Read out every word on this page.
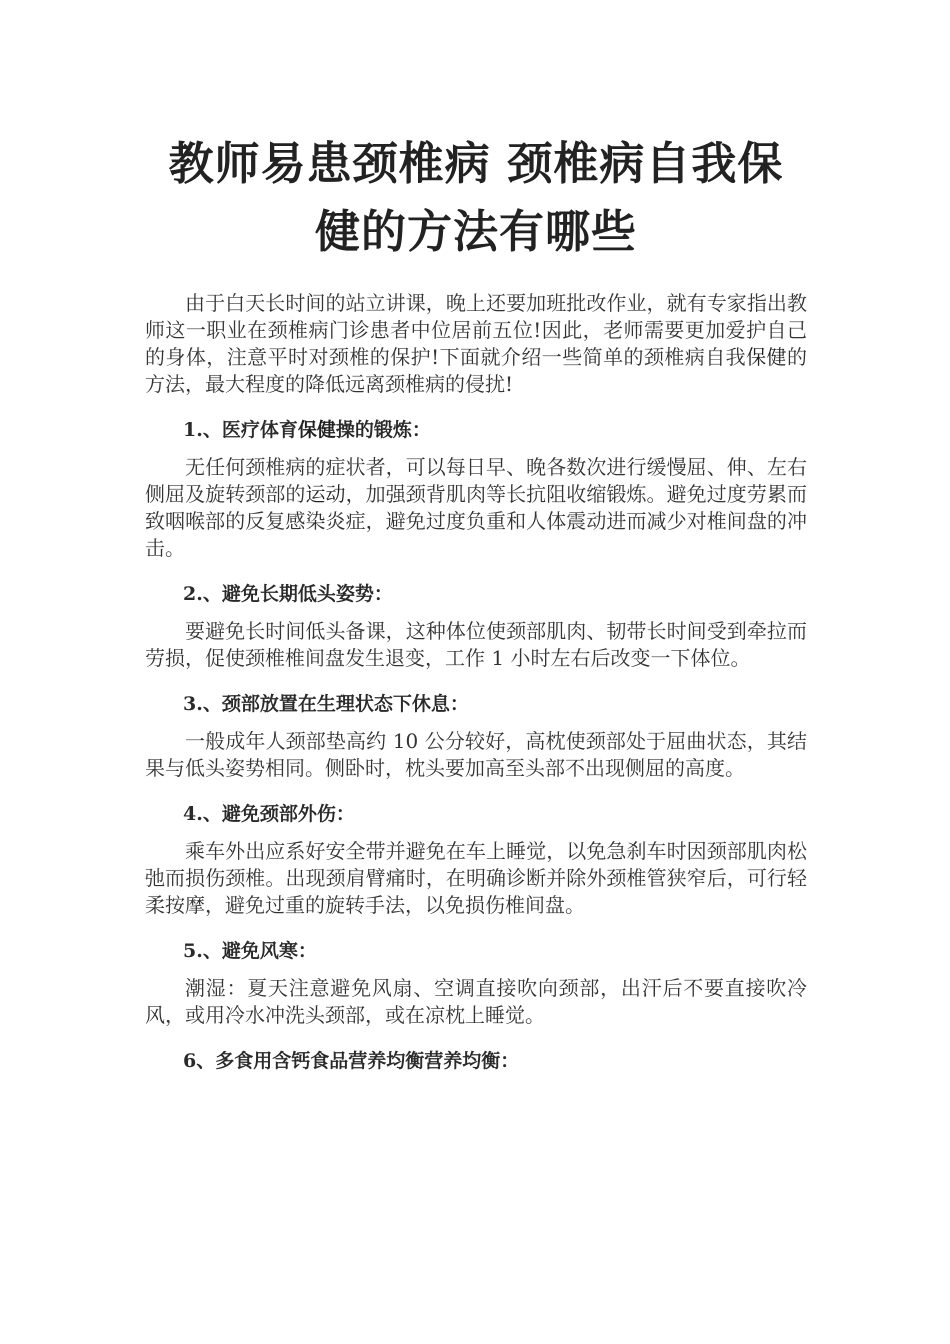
教师易患颈椎病 颈椎病自我保
健的方法有哪些

由于白天长时间的站立讲课，晚上还要加班批改作业，就有专家指出教师这一职业在颈椎病门诊患者中位居前五位!因此，老师需要更加爱护自己的身体，注意平时对颈椎的保护!下面就介绍一些简单的颈椎病自我保健的方法，最大程度的降低远离颈椎病的侵扰!

1.、医疗体育保健操的锻炼：

无任何颈椎病的症状者，可以每日早、晚各数次进行缓慢屈、伸、左右侧屈及旋转颈部的运动，加强颈背肌肉等长抗阻收缩锻炼。避免过度劳累而致咽喉部的反复感染炎症，避免过度负重和人体震动进而减少对椎间盘的冲击。

2.、避免长期低头姿势：

要避免长时间低头备课，这种体位使颈部肌肉、韧带长时间受到牵拉而劳损，促使颈椎椎间盘发生退变，工作 1 小时左右后改变一下体位。

3.、颈部放置在生理状态下休息：

一般成年人颈部垫高约 10 公分较好，高枕使颈部处于屈曲状态，其结果与低头姿势相同。侧卧时，枕头要加高至头部不出现侧屈的高度。

4.、避免颈部外伤：

乘车外出应系好安全带并避免在车上睡觉，以免急刹车时因颈部肌肉松弛而损伤颈椎。出现颈肩臂痛时，在明确诊断并除外颈椎管狭窄后，可行轻柔按摩，避免过重的旋转手法，以免损伤椎间盘。

5.、避免风寒：

潮湿：夏天注意避免风扇、空调直接吹向颈部，出汗后不要直接吹冷风，或用冷水冲洗头颈部，或在凉枕上睡觉。

6、多食用含钙食品营养均衡营养均衡：
